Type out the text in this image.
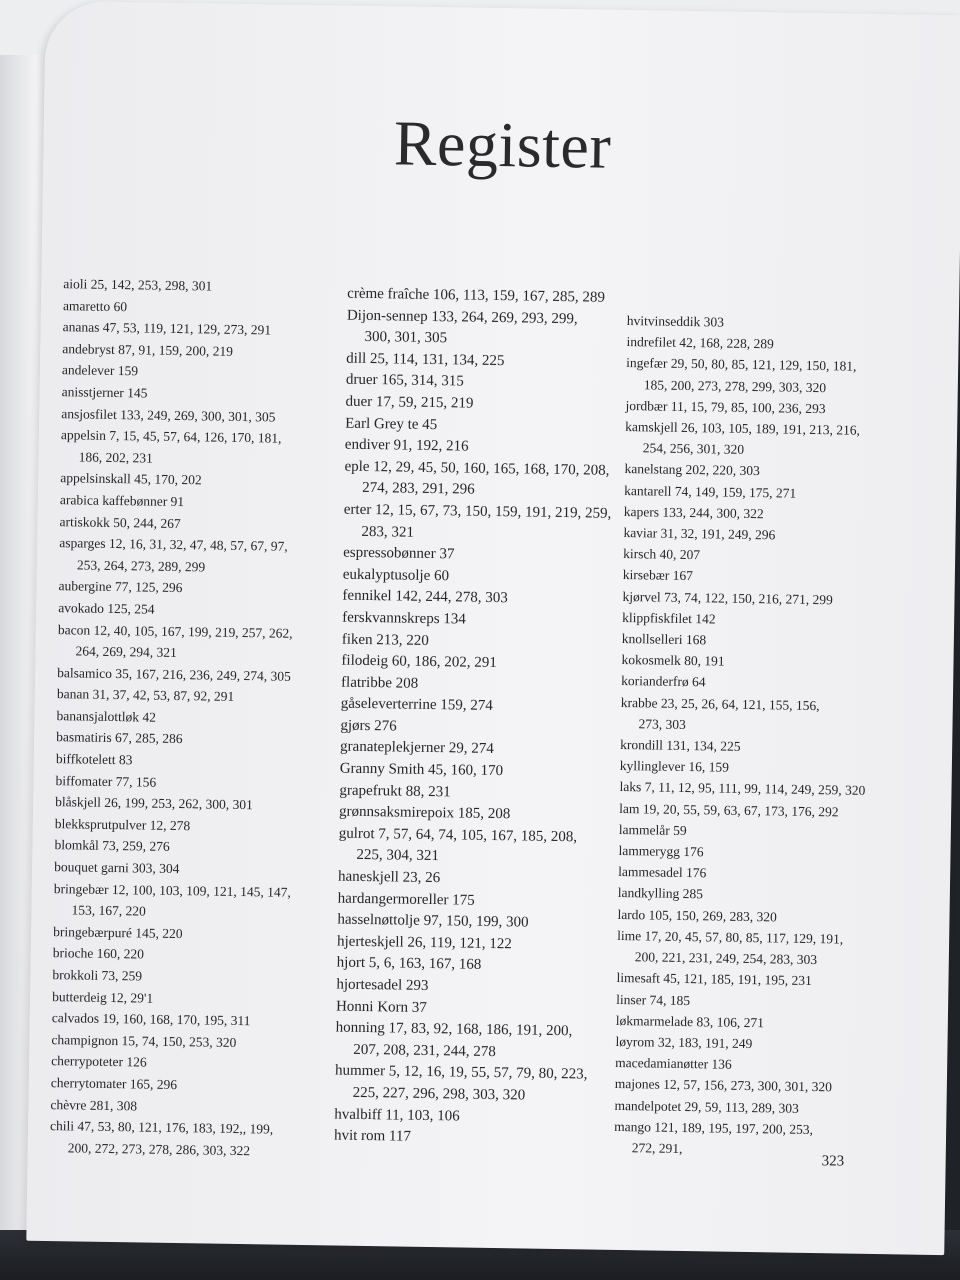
Register
aioli 25, 142, 253, 298, 301
amaretto 60
ananas 47, 53, 119, 121, 129, 273, 291
andebryst 87, 91, 159, 200, 219
andelever 159
anisstjerner 145
ansjosfilet 133, 249, 269, 300, 301, 305
appelsin 7, 15, 45, 57, 64, 126, 170, 181,
186, 202, 231
appelsinskall 45, 170, 202
arabica kaffebønner 91
artiskokk 50, 244, 267
asparges 12, 16, 31, 32, 47, 48, 57, 67, 97,
253, 264, 273, 289, 299
aubergine 77, 125, 296
avokado 125, 254
bacon 12, 40, 105, 167, 199, 219, 257, 262,
264, 269, 294, 321
balsamico 35, 167, 216, 236, 249, 274, 305
banan 31, 37, 42, 53, 87, 92, 291
banansjalottløk 42
basmatiris 67, 285, 286
biffkotelett 83
biffomater 77, 156
blåskjell 26, 199, 253, 262, 300, 301
blekksprutpulver 12, 278
blomkål 73, 259, 276
bouquet garni 303, 304
bringebær 12, 100, 103, 109, 121, 145, 147,
153, 167, 220
bringebærpuré 145, 220
brioche 160, 220
brokkoli 73, 259
butterdeig 12, 29'1
calvados 19, 160, 168, 170, 195, 311
champignon 15, 74, 150, 253, 320
cherrypoteter 126
cherrytomater 165, 296
chèvre 281, 308
chili 47, 53, 80, 121, 176, 183, 192,, 199,
200, 272, 273, 278, 286, 303, 322
crème fraîche 106, 113, 159, 167, 285, 289
Dijon-sennep 133, 264, 269, 293, 299,
300, 301, 305
dill 25, 114, 131, 134, 225
druer 165, 314, 315
duer 17, 59, 215, 219
Earl Grey te 45
endiver 91, 192, 216
eple 12, 29, 45, 50, 160, 165, 168, 170, 208,
274, 283, 291, 296
erter 12, 15, 67, 73, 150, 159, 191, 219, 259,
283, 321
espressobønner 37
eukalyptusolje 60
fennikel 142, 244, 278, 303
ferskvannskreps 134
fiken 213, 220
filodeig 60, 186, 202, 291
flatribbe 208
gåseleverterrine 159, 274
gjørs 276
granateplekjerner 29, 274
Granny Smith 45, 160, 170
grapefrukt 88, 231
grønnsaksmirepoix 185, 208
gulrot 7, 57, 64, 74, 105, 167, 185, 208,
225, 304, 321
haneskjell 23, 26
hardangermoreller 175
hasselnøttolje 97, 150, 199, 300
hjerteskjell 26, 119, 121, 122
hjort 5, 6, 163, 167, 168
hjortesadel 293
Honni Korn 37
honning 17, 83, 92, 168, 186, 191, 200,
207, 208, 231, 244, 278
hummer 5, 12, 16, 19, 55, 57, 79, 80, 223,
225, 227, 296, 298, 303, 320
hvalbiff 11, 103, 106
hvit rom 117
hvitvinseddik 303
indrefilet 42, 168, 228, 289
ingefær 29, 50, 80, 85, 121, 129, 150, 181,
185, 200, 273, 278, 299, 303, 320
jordbær 11, 15, 79, 85, 100, 236, 293
kamskjell 26, 103, 105, 189, 191, 213, 216,
254, 256, 301, 320
kanelstang 202, 220, 303
kantarell 74, 149, 159, 175, 271
kapers 133, 244, 300, 322
kaviar 31, 32, 191, 249, 296
kirsch 40, 207
kirsebær 167
kjørvel 73, 74, 122, 150, 216, 271, 299
klippfiskfilet 142
knollselleri 168
kokosmelk 80, 191
korianderfrø 64
krabbe 23, 25, 26, 64, 121, 155, 156,
273, 303
krondill 131, 134, 225
kyllinglever 16, 159
laks 7, 11, 12, 95, 111, 99, 114, 249, 259, 320
lam 19, 20, 55, 59, 63, 67, 173, 176, 292
lammelår 59
lammerygg 176
lammesadel 176
landkylling 285
lardo 105, 150, 269, 283, 320
lime 17, 20, 45, 57, 80, 85, 117, 129, 191,
200, 221, 231, 249, 254, 283, 303
limesaft 45, 121, 185, 191, 195, 231
linser 74, 185
løkmarmelade 83, 106, 271
løyrom 32, 183, 191, 249
macedamianøtter 136
majones 12, 57, 156, 273, 300, 301, 320
mandelpotet 29, 59, 113, 289, 303
mango 121, 189, 195, 197, 200, 253,
272, 291,
323
